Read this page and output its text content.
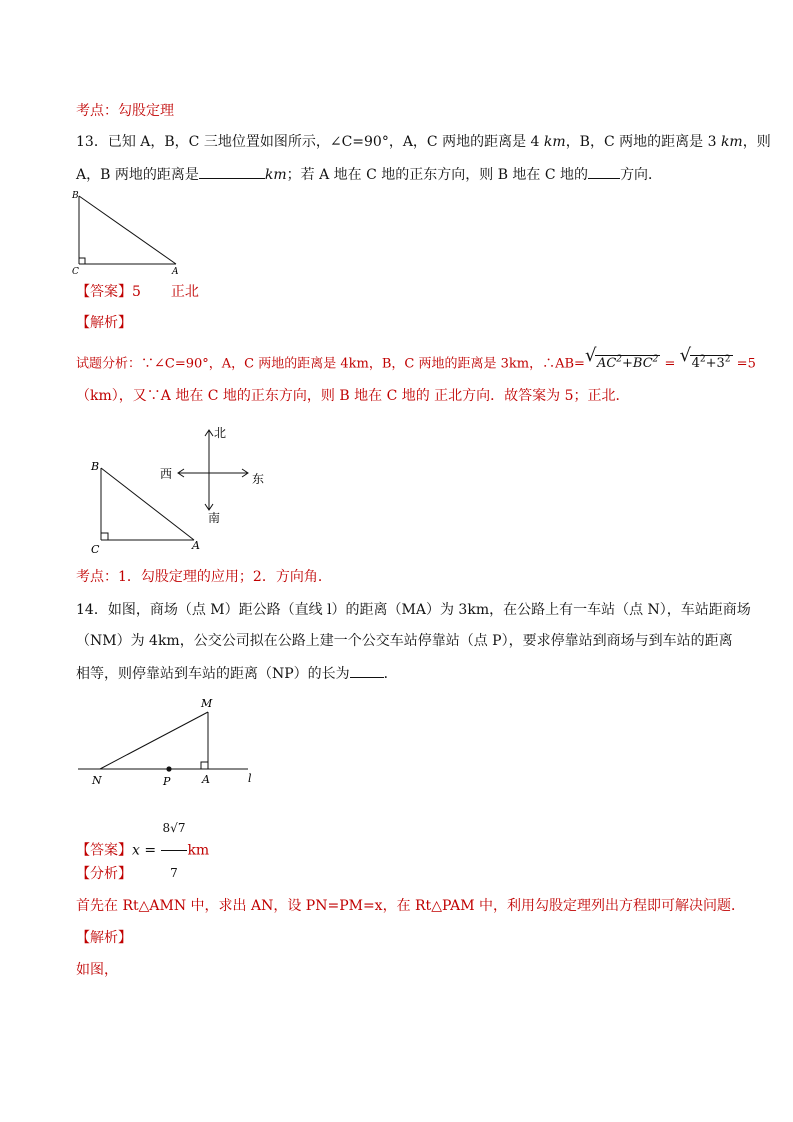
考点：勾股定理
13．已知 A，B，C 三地位置如图所示，∠C=90°，A，C 两地的距离是 4 km，B，C 两地的距离是 3 km，则
A，B 两地的距离是	km；若 A 地在 C 地的正东方向，则 B 地在 C 地的 方向．
B
C	A
【答案】5 正北
【解析】
试题分析：∵∠C=90°，A，C 两地的距离是 4km，B，C 两地的距离是 3km，∴AB= √ $AC^2+BC^2$ = √ $4^2+3^2 =5$
（km），又∵A 地在 C 地的正东方向，则 B 地在 C 地的 正北方向．故答案为 5；正北．
B
C	A
北
西	东
南
考点：1．勾股定理的应用；2．方向角．
14．如图，商场（点 M）距公路（直线 l）的距离（MA）为 3km，在公路上有一车站（点 N），车站距商场
（NM）为 4km，公交公司拟在公路上建一个公交车站停靠站（点 P），要求停靠站到商场与到车站的距离
相等，则停靠站到车站的距离（NP）的长为 ．
M
N	P	A	l
【答案】$x = \frac{8√7}{7}$ km
【分析】
首先在 Rt△AMN 中，求出 AN，设 PN=PM=x，在 Rt△PAM 中，利用勾股定理列出方程即可解决问题．
【解析】
如图，
